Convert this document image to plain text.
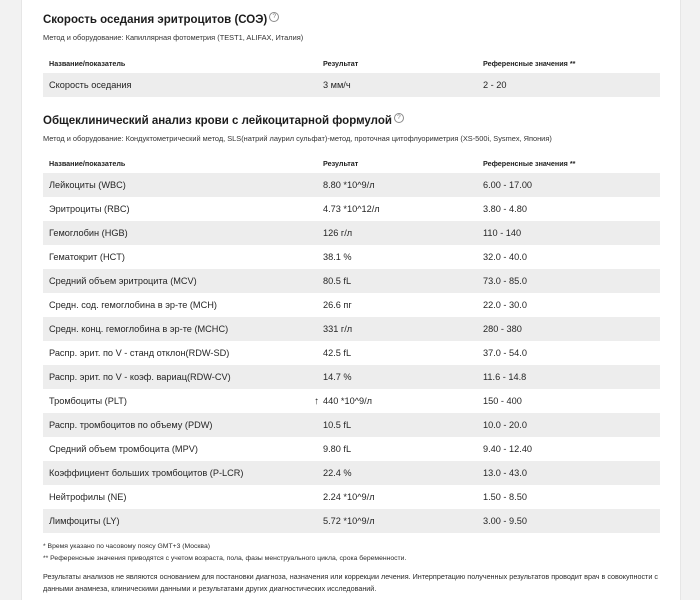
Скорость оседания эритроцитов (СОЭ) ?
Метод и оборудование: Капиллярная фотометрия (TEST1, ALIFAX, Италия)
Название/показатель	Результат	Референсные значения **
Скорость оседания	3 мм/ч	2 - 20
Общеклинический анализ крови с лейкоцитарной формулой ?
Метод и оборудование: Кондуктометрический метод, SLS(натрий лаурил сульфат)-метод, проточная цитофлуориметрия (XS-500i, Sysmex, Япония)
Название/показатель	Результат	Референсные значения **
Лейкоциты (WBC)	8.80 *10^9/л	6.00 - 17.00
Эритроциты (RBC)	4.73 *10^12/л	3.80 - 4.80
Гемоглобин (HGB)	126 г/л	110 - 140
Гематокрит (HCT)	38.1 %	32.0 - 40.0
Средний объем эритроцита (MCV)	80.5 fL	73.0 - 85.0
Средн. сод. гемоглобина в эр-те (MCH)	26.6 пг	22.0 - 30.0
Средн. конц. гемоглобина в эр-те (MCHC)	331 г/л	280 - 380
Распр. эрит. по V - станд отклон(RDW-SD)	42.5 fL	37.0 - 54.0
Распр. эрит. по V - коэф. вариац(RDW-CV)	14.7 %	11.6 - 14.8
Тромбоциты (PLT)	↑ 440 *10^9/л	150 - 400
Распр. тромбоцитов по объему (PDW)	10.5 fL	10.0 - 20.0
Средний объем тромбоцита (MPV)	9.80 fL	9.40 - 12.40
Коэффициент больших тромбоцитов (P-LCR)	22.4 %	13.0 - 43.0
Нейтрофилы (NE)	2.24 *10^9/л	1.50 - 8.50
Лимфоциты (LY)	5.72 *10^9/л	3.00 - 9.50
* Время указано по часовому поясу GMT+3 (Москва)
** Референсные значения приводятся с учетом возраста, пола, фазы менструального цикла, срока беременности.
Результаты анализов не являются основанием для постановки диагноза, назначения или коррекции лечения. Интерпретацию полученных результатов проводит врач в совокупности с данными анамнеза, клиническими данными и результатами других диагностических исследований.
